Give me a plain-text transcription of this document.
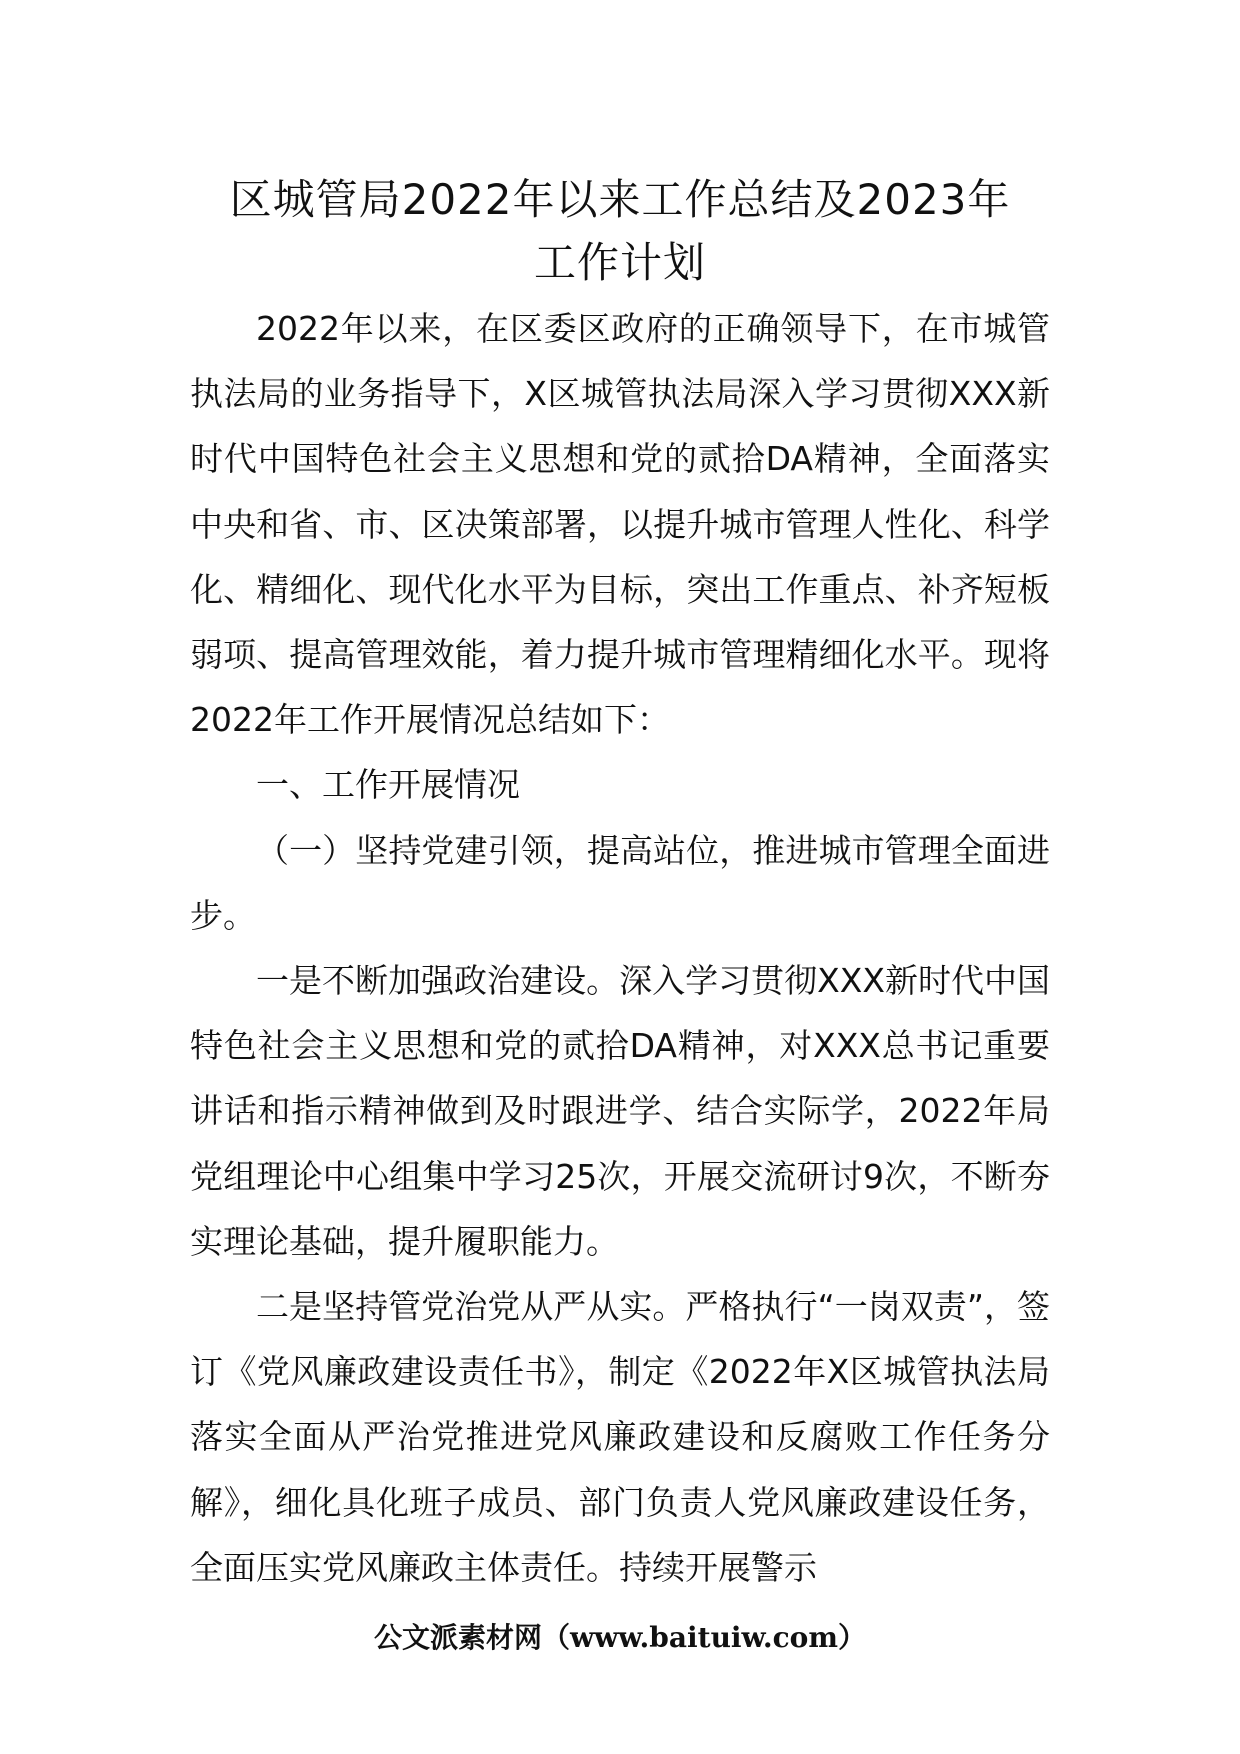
区城管局2022年以来工作总结及2023年
工作计划

2022年以来，在区委区政府的正确领导下，在市城管执法局的业务指导下，X区城管执法局深入学习贯彻XXX新时代中国特色社会主义思想和党的贰拾DA精神，全面落实中央和省、市、区决策部署，以提升城市管理人性化、科学化、精细化、现代化水平为目标，突出工作重点、补齐短板弱项、提高管理效能，着力提升城市管理精细化水平。现将2022年工作开展情况总结如下：

一、工作开展情况

（一）坚持党建引领，提高站位，推进城市管理全面进步。

一是不断加强政治建设。深入学习贯彻XXX新时代中国特色社会主义思想和党的贰拾DA精神，对XXX总书记重要讲话和指示精神做到及时跟进学、结合实际学，2022年局党组理论中心组集中学习25次，开展交流研讨9次，不断夯实理论基础，提升履职能力。

二是坚持管党治党从严从实。严格执行“一岗双责”，签订《党风廉政建设责任书》，制定《2022年X区城管执法局落实全面从严治党推进党风廉政建设和反腐败工作任务分解》，细化具化班子成员、部门负责人党风廉政建设任务，全面压实党风廉政主体责任。持续开展警示

公文派素材网（www.baituiw.com）
